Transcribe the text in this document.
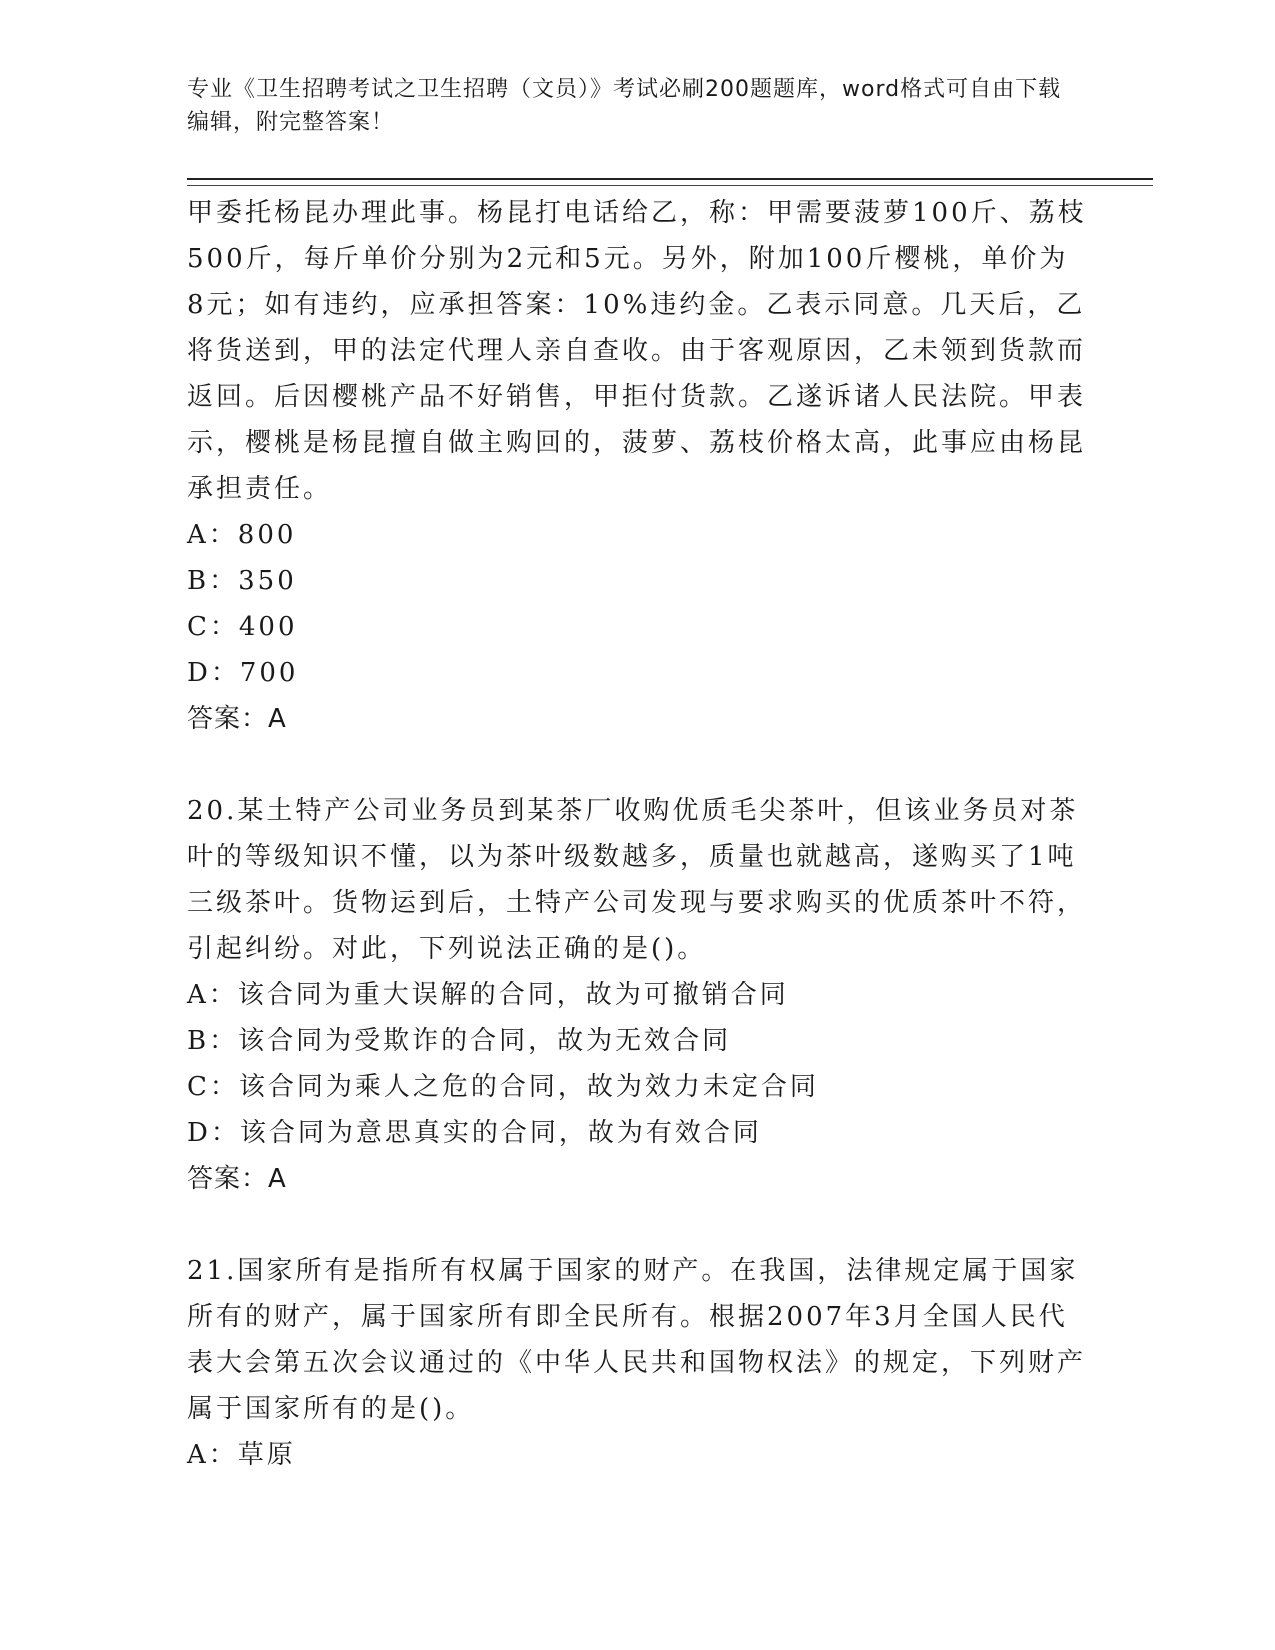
专业《卫生招聘考试之卫生招聘（文员）》考试必刷200题题库，word格式可自由下载编辑，附完整答案！

甲委托杨昆办理此事。杨昆打电话给乙，称：甲需要菠萝100斤、荔枝500斤，每斤单价分别为2元和5元。另外，附加100斤樱桃，单价为8元；如有违约，应承担答案：10%违约金。乙表示同意。几天后，乙将货送到，甲的法定代理人亲自查收。由于客观原因，乙未领到货款而返回。后因樱桃产品不好销售，甲拒付货款。乙遂诉诸人民法院。甲表示，樱桃是杨昆擅自做主购回的，菠萝、荔枝价格太高，此事应由杨昆承担责任。

A：800

B：350

C：400

D：700

答案：A

20.某土特产公司业务员到某茶厂收购优质毛尖茶叶，但该业务员对茶叶的等级知识不懂，以为茶叶级数越多，质量也就越高，遂购买了1吨三级茶叶。货物运到后，土特产公司发现与要求购买的优质茶叶不符，引起纠纷。对此，下列说法正确的是()。

A：该合同为重大误解的合同，故为可撤销合同

B：该合同为受欺诈的合同，故为无效合同

C：该合同为乘人之危的合同，故为效力未定合同

D：该合同为意思真实的合同，故为有效合同

答案：A

21.国家所有是指所有权属于国家的财产。在我国，法律规定属于国家所有的财产，属于国家所有即全民所有。根据2007年3月全国人民代表大会第五次会议通过的《中华人民共和国物权法》的规定，下列财产属于国家所有的是()。

A：草原
